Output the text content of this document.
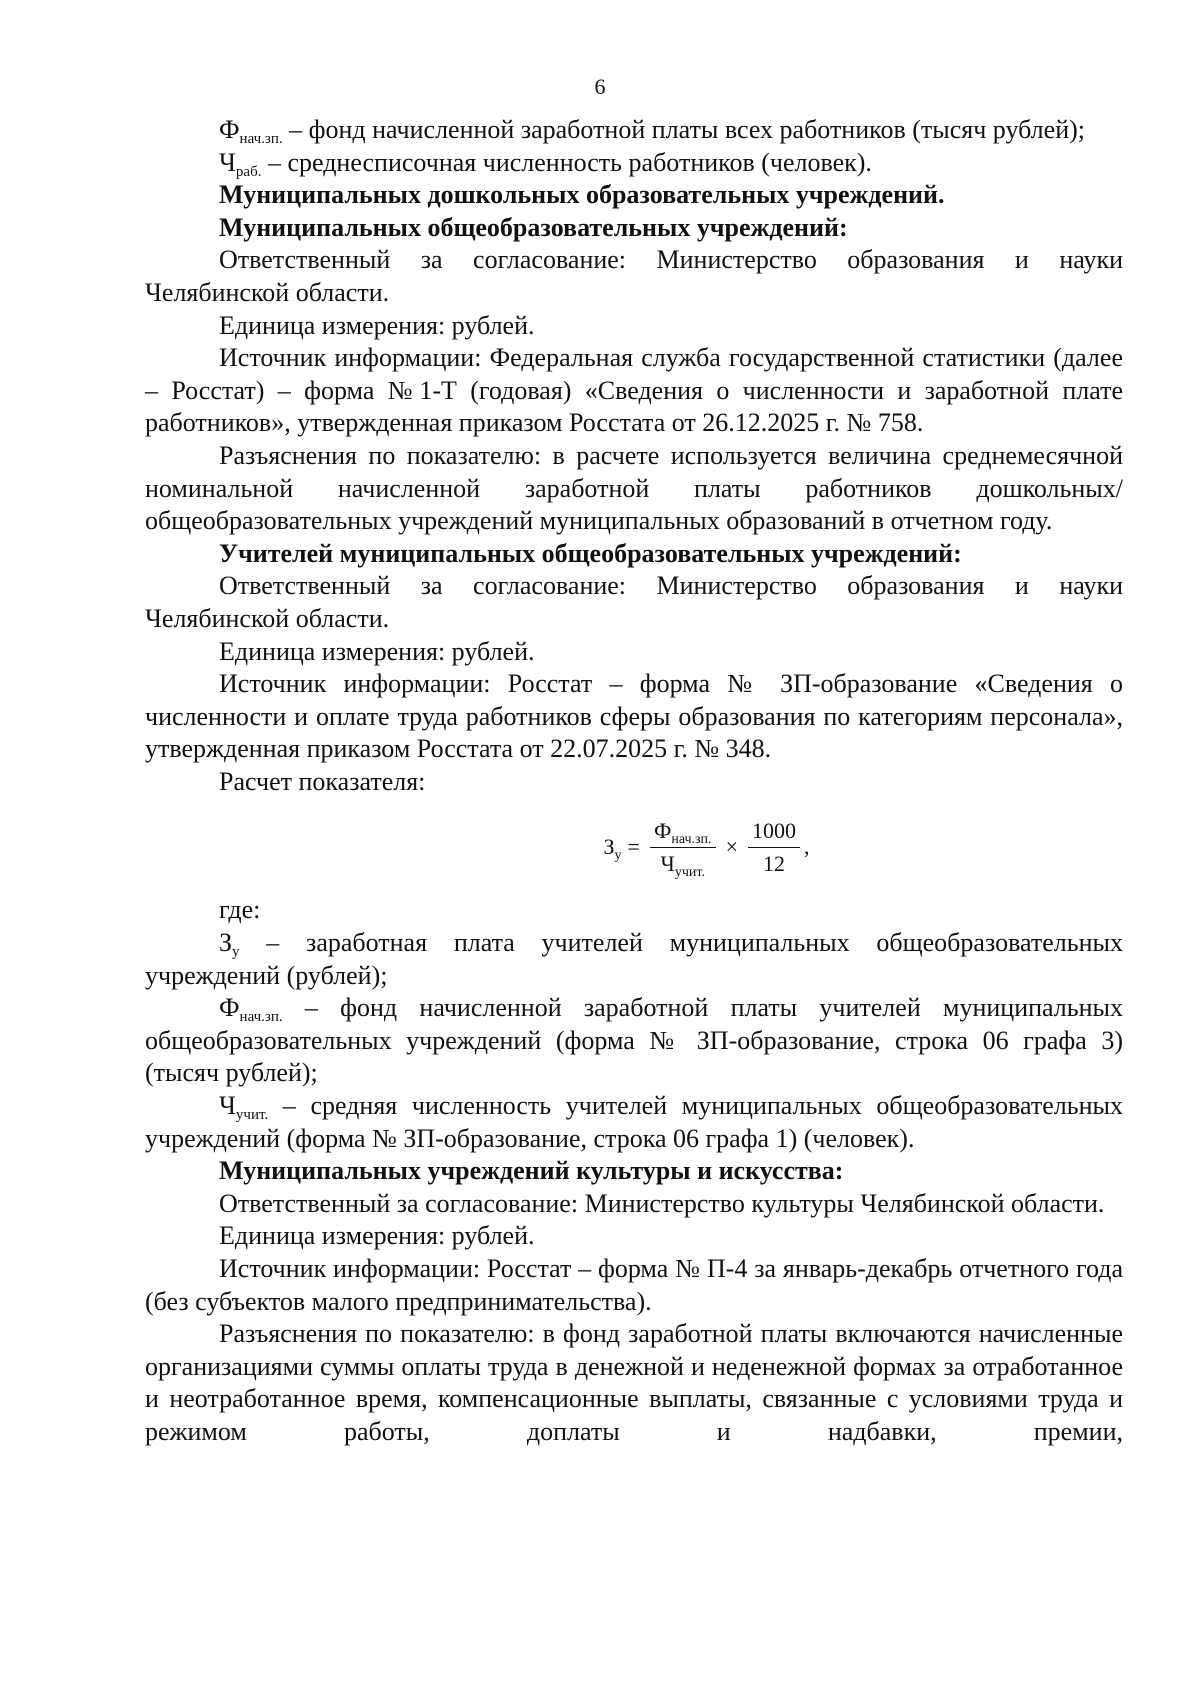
6

$Ф_{нач.зп.}$ – фонд начисленной заработной платы всех работников (тысяч рублей);

$Ч_{раб.}$ – среднесписочная численность работников (человек).

Муниципальных дошкольных образовательных учреждений.

Муниципальных общеобразовательных учреждений:

Ответственный за согласование: Министерство образования и науки Челябинской области.

Единица измерения: рублей.

Источник информации: Федеральная служба государственной статистики (далее – Росстат) – форма №1-Т (годовая) «Сведения о численности и заработной плате работников», утвержденная приказом Росстата от 26.12.2025 г. № 758.

Разъяснения по показателю: в расчете используется величина среднемесячной номинальной начисленной заработной платы работников дошкольных/общеобразовательных учреждений муниципальных образований в отчетном году.

Учителей муниципальных общеобразовательных учреждений:

Ответственный за согласование: Министерство образования и науки Челябинской области.

Единица измерения: рублей.

Источник информации: Росстат – форма № ЗП-образование «Сведения о численности и оплате труда работников сферы образования по категориям персонала», утвержденная приказом Росстата от 22.07.2025 г. № 348.

Расчет показателя:

$З_у = \frac{Ф_{нач.зп.}}{Ч_{учит.}} \times \frac{1000}{12}$ ,

где:

$З_у$ – заработная плата учителей муниципальных общеобразовательных учреждений (рублей);

$Ф_{нач.зп.}$ – фонд начисленной заработной платы учителей муниципальных общеобразовательных учреждений (форма № ЗП-образование, строка 06 графа 3) (тысяч рублей);

$Ч_{учит.}$ – средняя численность учителей муниципальных общеобразовательных учреждений (форма № ЗП-образование, строка 06 графа 1) (человек).

Муниципальных учреждений культуры и искусства:

Ответственный за согласование: Министерство культуры Челябинской области.

Единица измерения: рублей.

Источник информации: Росстат – форма № П-4 за январь-декабрь отчетного года (без субъектов малого предпринимательства).

Разъяснения по показателю: в фонд заработной платы включаются начисленные организациями суммы оплаты труда в денежной и неденежной формах за отработанное и неотработанное время, компенсационные выплаты, связанные с условиями труда и режимом работы, доплаты и надбавки, премии,
